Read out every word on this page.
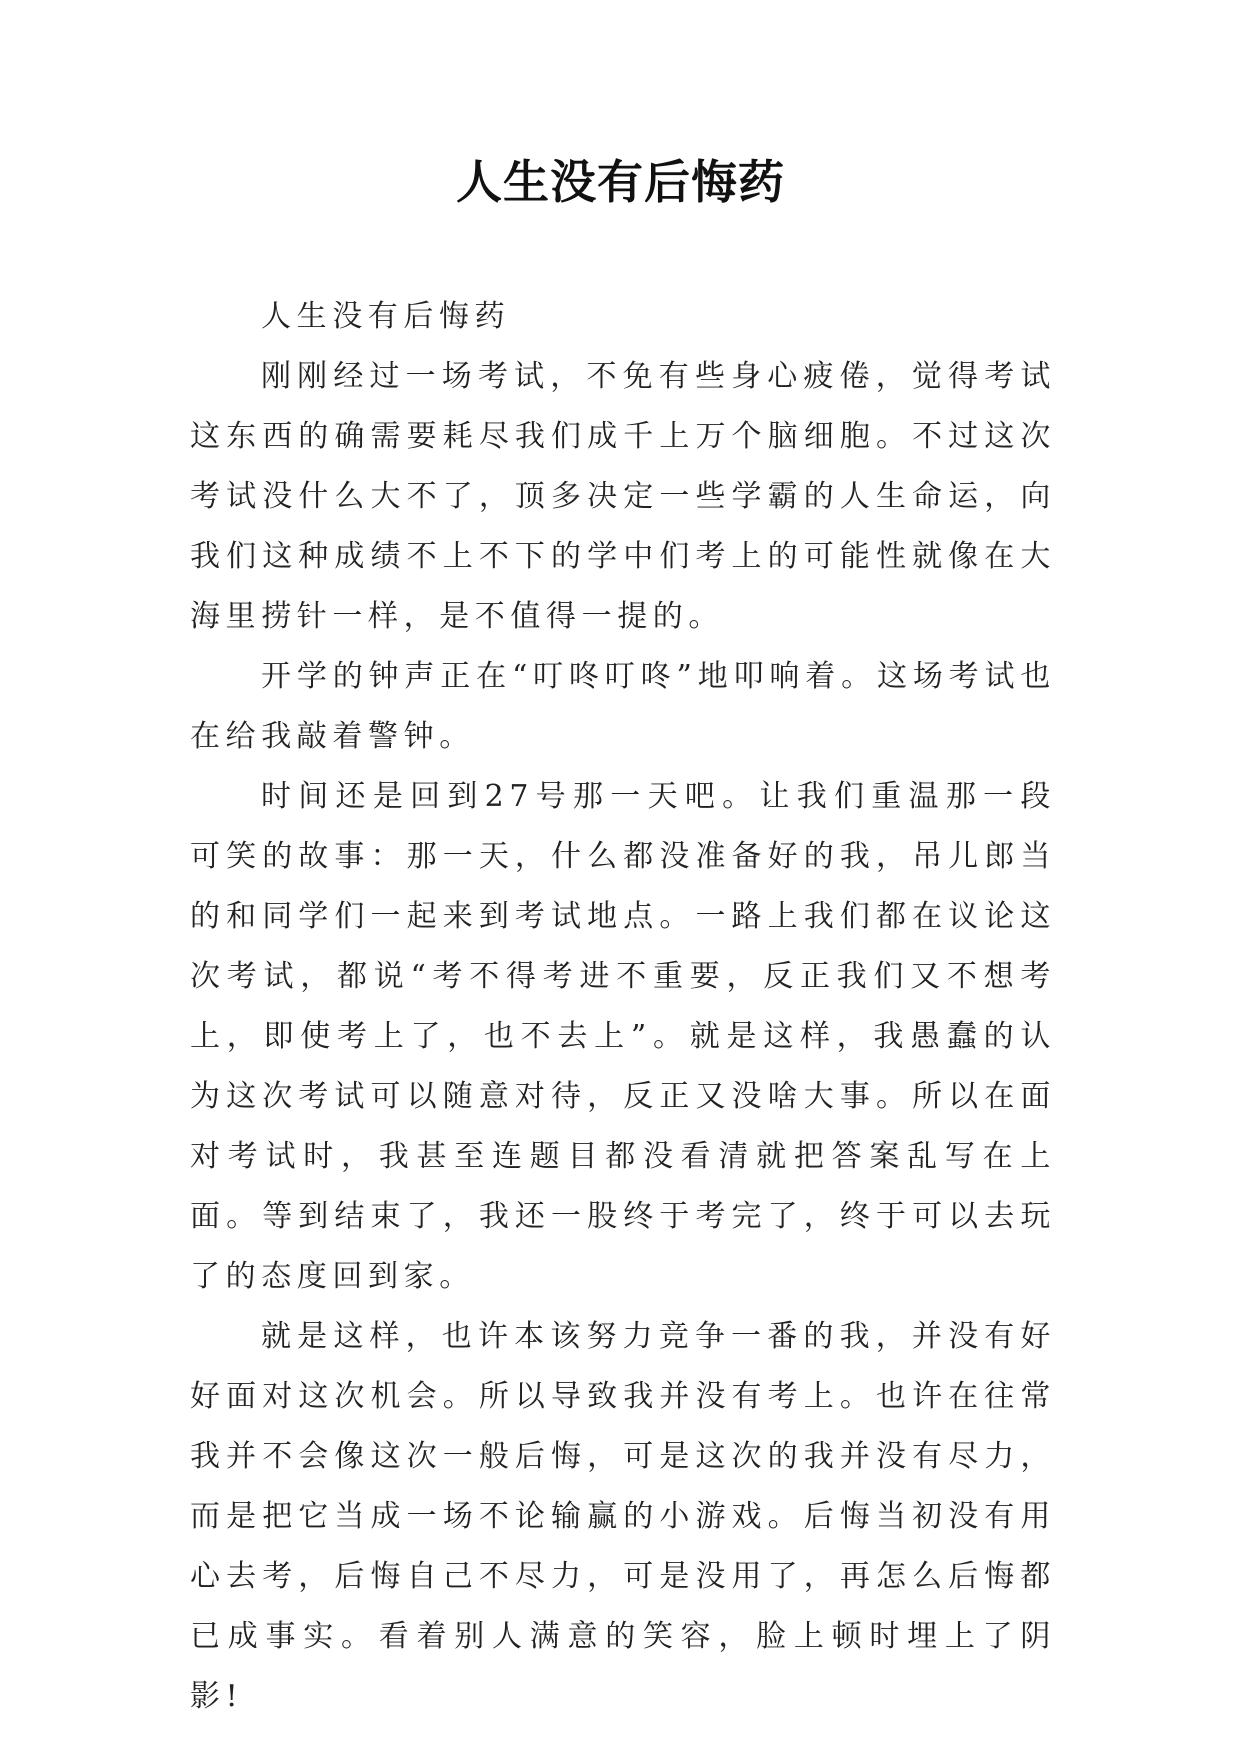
人生没有后悔药

人生没有后悔药

刚刚经过一场考试，不免有些身心疲倦，觉得考试这东西的确需要耗尽我们成千上万个脑细胞。不过这次考试没什么大不了，顶多决定一些学霸的人生命运，向我们这种成绩不上不下的学中们考上的可能性就像在大海里捞针一样，是不值得一提的。

开学的钟声正在“叮咚叮咚”地叩响着。这场考试也在给我敲着警钟。

时间还是回到27号那一天吧。让我们重温那一段可笑的故事：那一天，什么都没准备好的我，吊儿郎当的和同学们一起来到考试地点。一路上我们都在议论这次考试，都说“考不得考进不重要，反正我们又不想考上，即使考上了，也不去上”。就是这样，我愚蠢的认为这次考试可以随意对待，反正又没啥大事。所以在面对考试时，我甚至连题目都没看清就把答案乱写在上面。等到结束了，我还一股终于考完了，终于可以去玩了的态度回到家。

就是这样，也许本该努力竞争一番的我，并没有好好面对这次机会。所以导致我并没有考上。也许在往常我并不会像这次一般后悔，可是这次的我并没有尽力，而是把它当成一场不论输赢的小游戏。后悔当初没有用心去考，后悔自己不尽力，可是没用了，再怎么后悔都已成事实。看着别人满意的笑容，脸上顿时埋上了阴影!
